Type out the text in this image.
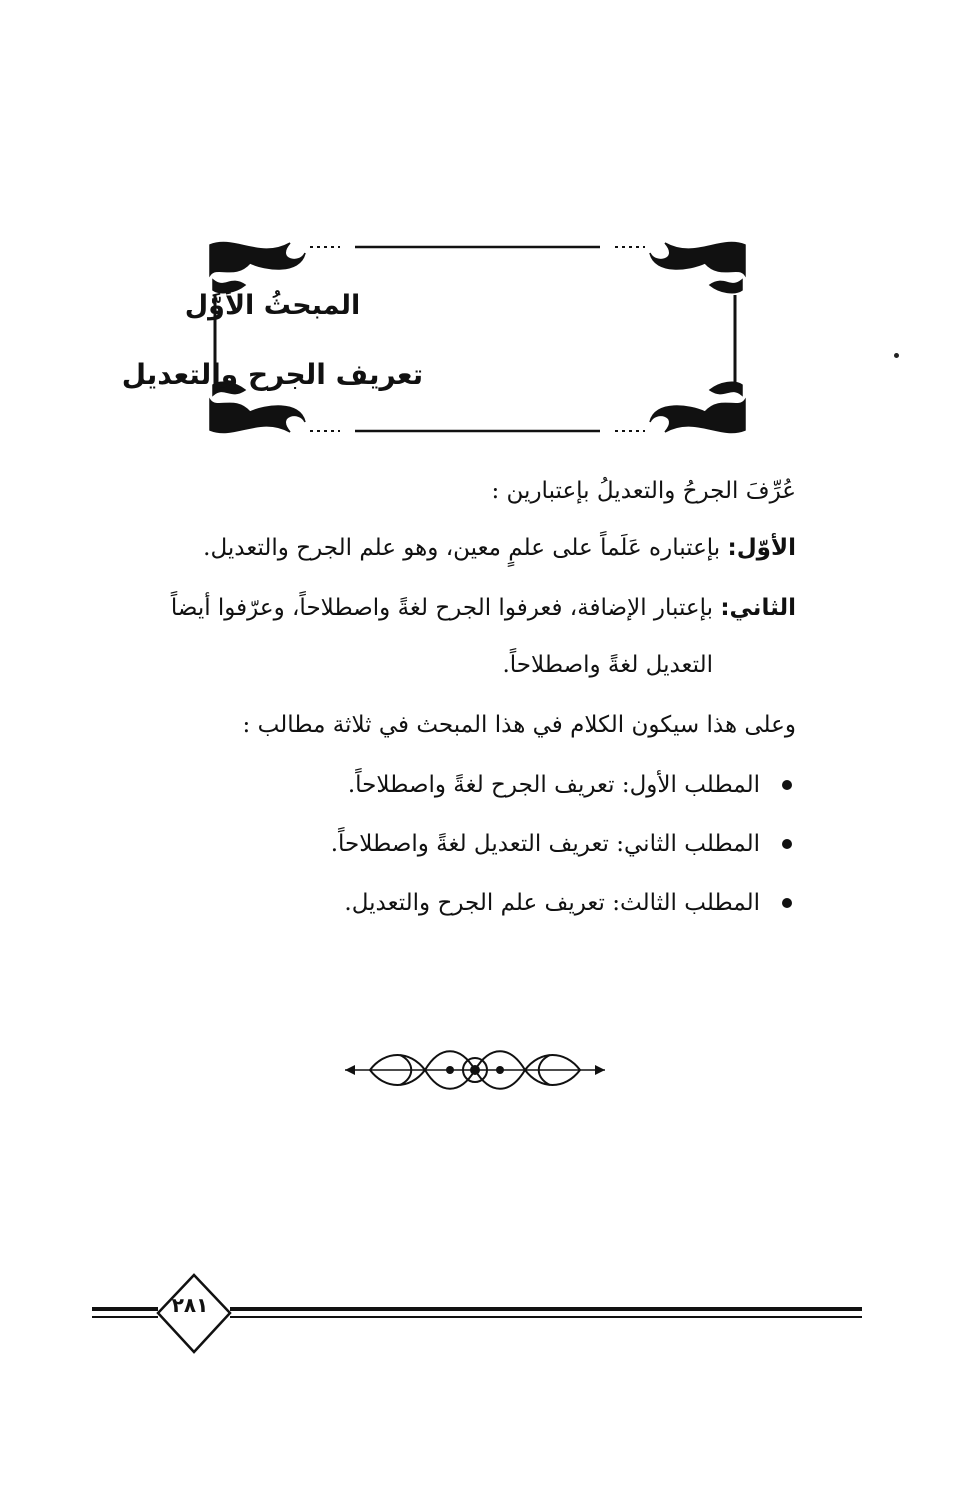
المبحثُ الأوَّل
تعريف الجرح والتعديل

عُرِّفَ الجرحُ والتعديلُ بإعتبارين :

الأوّل: بإعتباره عَلَماً على علمٍ معين، وهو علم الجرح والتعديل.

الثاني: بإعتبار الإضافة، فعرفوا الجرح لغةً واصطلاحاً، وعرّفوا أيضاً

التعديل لغةً واصطلاحاً.

وعلى هذا سيكون الكلام في هذا المبحث في ثلاثة مطالب :

المطلب الأول: تعريف الجرح لغةً واصطلاحاً.
المطلب الثاني: تعريف التعديل لغةً واصطلاحاً.
المطلب الثالث: تعريف علم الجرح والتعديل.
٢٨١
